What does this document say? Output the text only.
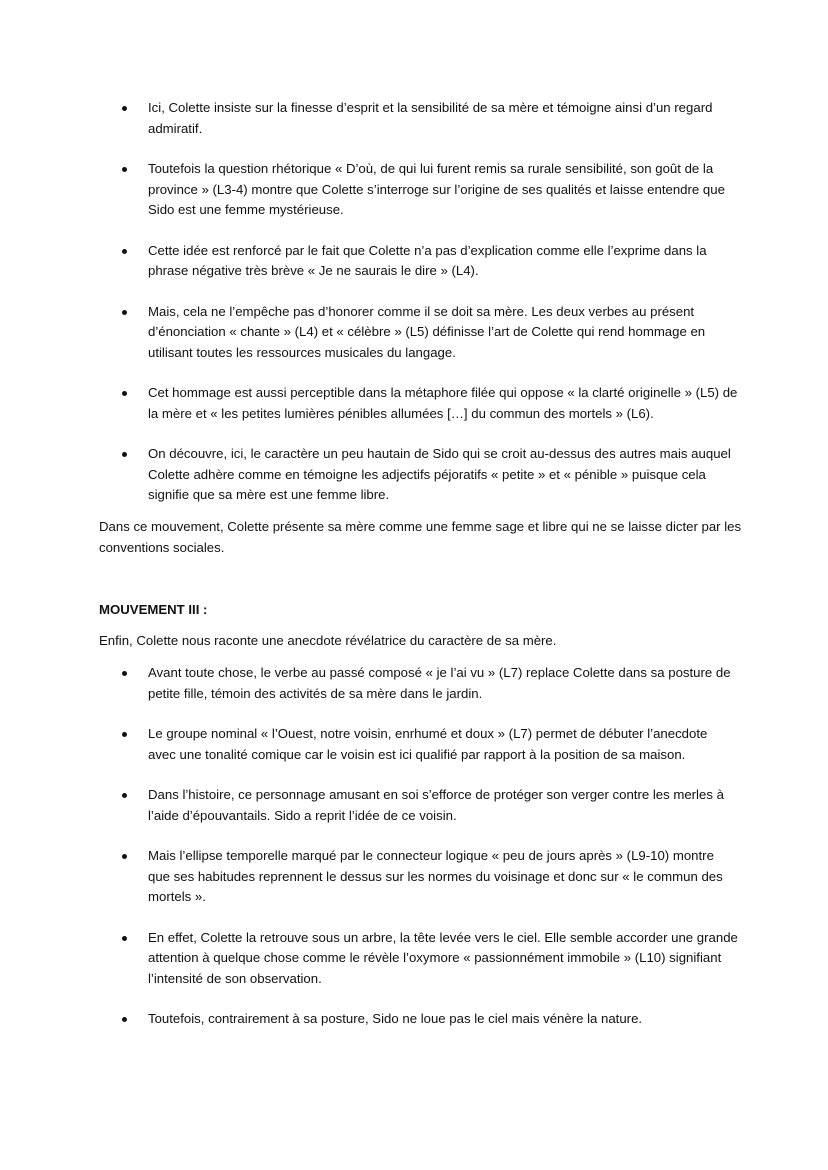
Ici, Colette insiste sur la finesse d’esprit et la sensibilité de sa mère et témoigne ainsi d’un regard admiratif.
Toutefois la question rhétorique « D’où, de qui lui furent remis sa rurale sensibilité, son goût de la province » (L3-4) montre que Colette s’interroge sur l’origine de ses qualités et laisse entendre que Sido est une femme mystérieuse.
Cette idée est renforcé par le fait que Colette n’a pas d’explication comme elle l’exprime dans la phrase négative très brève « Je ne saurais le dire » (L4).
Mais, cela ne l’empêche pas d’honorer comme il se doit sa mère. Les deux verbes au présent d’énonciation « chante » (L4) et « célèbre » (L5) définisse l’art de Colette qui rend hommage en utilisant toutes les ressources musicales du langage.
Cet hommage est aussi perceptible dans la métaphore filée qui oppose « la clarté originelle » (L5) de la mère et « les petites lumières pénibles allumées […] du commun des mortels » (L6).
On découvre, ici, le caractère un peu hautain de Sido qui se croit au-dessus des autres mais auquel Colette adhère comme en témoigne les adjectifs péjoratifs « petite » et « pénible » puisque cela signifie que sa mère est une femme libre.

Dans ce mouvement, Colette présente sa mère comme une femme sage et libre qui ne se laisse dicter par les conventions sociales.

MOUVEMENT III :

Enfin, Colette nous raconte une anecdote révélatrice du caractère de sa mère.

Avant toute chose, le verbe au passé composé « je l’ai vu » (L7) replace Colette dans sa posture de petite fille, témoin des activités de sa mère dans le jardin.
Le groupe nominal « l’Ouest, notre voisin, enrhumé et doux » (L7) permet de débuter l’anecdote avec une tonalité comique car le voisin est ici qualifié par rapport à la position de sa maison.
Dans l’histoire, ce personnage amusant en soi s’efforce de protéger son verger contre les merles à l’aide d’épouvantails. Sido a reprit l’idée de ce voisin.
Mais l’ellipse temporelle marqué par le connecteur logique « peu de jours après » (L9-10) montre que ses habitudes reprennent le dessus sur les normes du voisinage et donc sur « le commun des mortels ».
En effet, Colette la retrouve sous un arbre, la tête levée vers le ciel. Elle semble accorder une grande attention à quelque chose comme le révèle l’oxymore « passionnément immobile » (L10) signifiant l’intensité de son observation.
Toutefois, contrairement à sa posture, Sido ne loue pas le ciel mais vénère la nature.
